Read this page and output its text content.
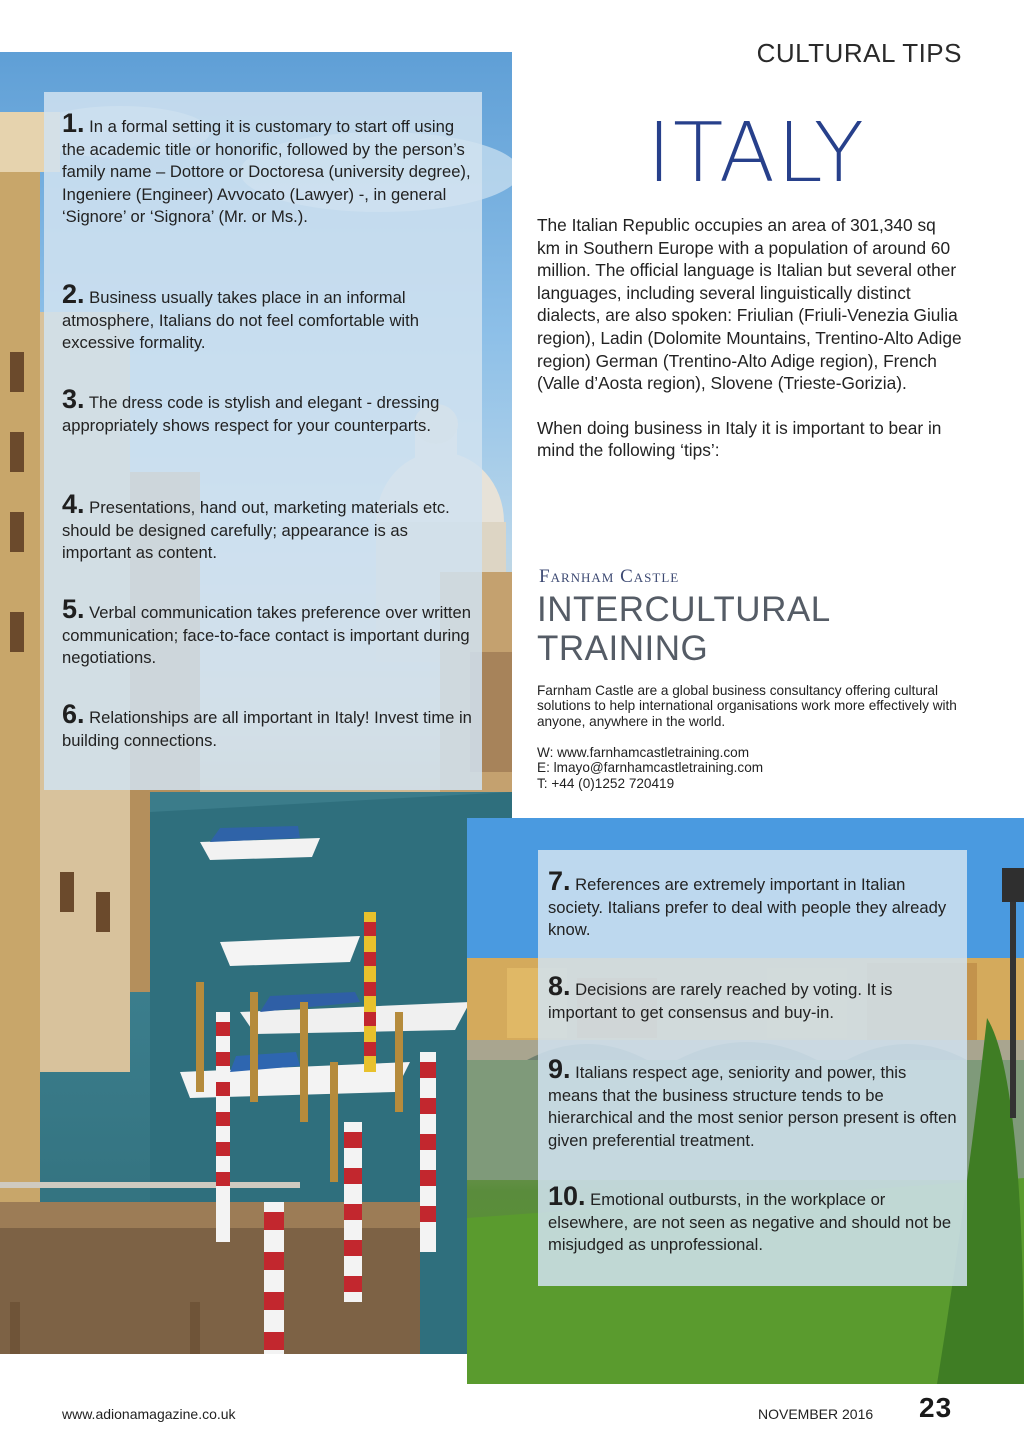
CULTURAL TIPS
ITALY

The Italian Republic occupies an area of 301,340 sq km in Southern Europe with a population of around 60 million. The official language is Italian but several other languages, including several linguistically distinct dialects, are also spoken: Friulian (Friuli-Venezia Giulia region), Ladin (Dolomite Mountains, Trentino-Alto Adige region) German (Trentino-Alto Adige region), French (Valle d’Aosta region), Slovene (Trieste-Gorizia).

When doing business in Italy it is important to bear in mind the following ‘tips’:

Farnham Castle
INTERCULTURAL
TRAINING
Farnham Castle are a global business consultancy offering cultural solutions to help international organisations work more effectively with anyone, anywhere in the world.
W: www.farnhamcastletraining.com
E: lmayo@farnhamcastletraining.com
T: +44 (0)1252 720419
1. In a formal setting it is customary to start off using the academic title or honorific, followed by the person’s family name – Dottore or Doctoresa (university degree), Ingeniere (Engineer) Avvocato (Lawyer) -, in general ‘Signore’ or ‘Signora’ (Mr. or Ms.).
2. Business usually takes place in an informal atmosphere, Italians do not feel comfortable with excessive formality.
3. The dress code is stylish and elegant - dressing appropriately shows respect for your counterparts.
4. Presentations, hand out, marketing materials etc. should be designed carefully; appearance is as important as content.
5. Verbal communication takes preference over written communication; face-to-face contact is important during negotiations.
6. Relationships are all important in Italy! Invest time in building connections.
7. References are extremely important in Italian society. Italians prefer to deal with people they already know.
8. Decisions are rarely reached by voting. It is important to get consensus and buy-in.
9. Italians respect age, seniority and power, this means that the business structure tends to be hierarchical and the most senior person present is often given preferential treatment.
10. Emotional outbursts, in the workplace or elsewhere, are not seen as negative and should not be misjudged as unprofessional.
www.adionamagazine.co.uk	NOVEMBER 2016 23
